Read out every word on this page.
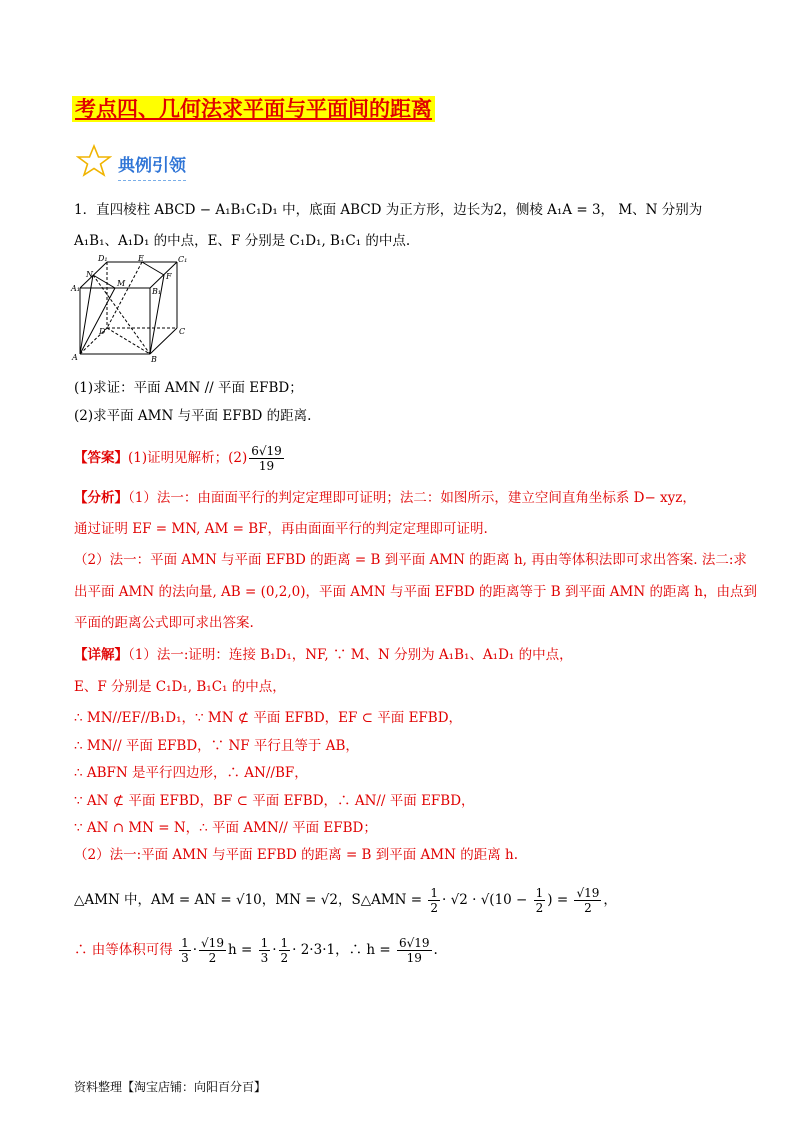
考点四、几何法求平面与平面间的距离
典例引领
1．直四棱柱 ABCD − A₁B₁C₁D₁ 中，底面 ABCD 为正方形，边长为2，侧棱 A₁A = 3， M、N 分别为
A₁B₁、A₁D₁ 的中点，E、F 分别是 C₁D₁, B₁C₁ 的中点.
D₁	E	C₁
N
M
F
A₁	B₁
D	C
A	B
(1)求证：平面 AMN // 平面 EFBD；
(2)求平面 AMN 与平面 EFBD 的距离.
【答案】(1)证明见解析；$(2) \frac{6√19}{19}$
【分析】（1）法一：由面面平行的判定定理即可证明；法二：如图所示，建立空间直角坐标系 D− xyz，
通过证明 EF = MN, AM = BF，再由面面平行的判定定理即可证明.
（2）法一：平面 AMN 与平面 EFBD 的距离 = B 到平面 AMN 的距离 h, 再由等体积法即可求出答案. 法二:求
出平面 AMN 的法向量, AB = (0,2,0)，平面 AMN 与平面 EFBD 的距离等于 B 到平面 AMN 的距离 h，由点到
平面的距离公式即可求出答案.
【详解】（1）法一:证明：连接 B₁D₁，NF, ∵ M、N 分别为 A₁B₁、A₁D₁ 的中点，
E、F 分别是 C₁D₁, B₁C₁ 的中点，
∴ MN//EF//B₁D₁，∵ MN ⊄ 平面 EFBD，EF ⊂ 平面 EFBD，
∴ MN// 平面 EFBD，∵ NF 平行且等于 AB，
∴ ABFN 是平行四边形，∴ AN//BF，
∵ AN ⊄ 平面 EFBD，BF ⊂ 平面 EFBD，∴ AN// 平面 EFBD，
∵ AN ∩ MN = N，∴ 平面 AMN// 平面 EFBD；
（2）法一:平面 AMN 与平面 EFBD 的距离 = B 到平面 AMN 的距离 h.
△AMN 中，AM = AN = √10，MN = √2，S△AMN = $\frac{1}{2} \cdot √2 \cdot √(10 - \frac{1}{2}$ ) = $\frac{√19}{2}$ ，
∴ 由等体积可得 $\frac{1}{3} \cdot \frac{√19}{2}$ $h = \frac{1}{3} \cdot \frac{1}{2} \cdot 2\cdot 3\cdot 1$，∴ $h = \frac{6√19}{19}$ .
资料整理【淘宝店铺：向阳百分百】
